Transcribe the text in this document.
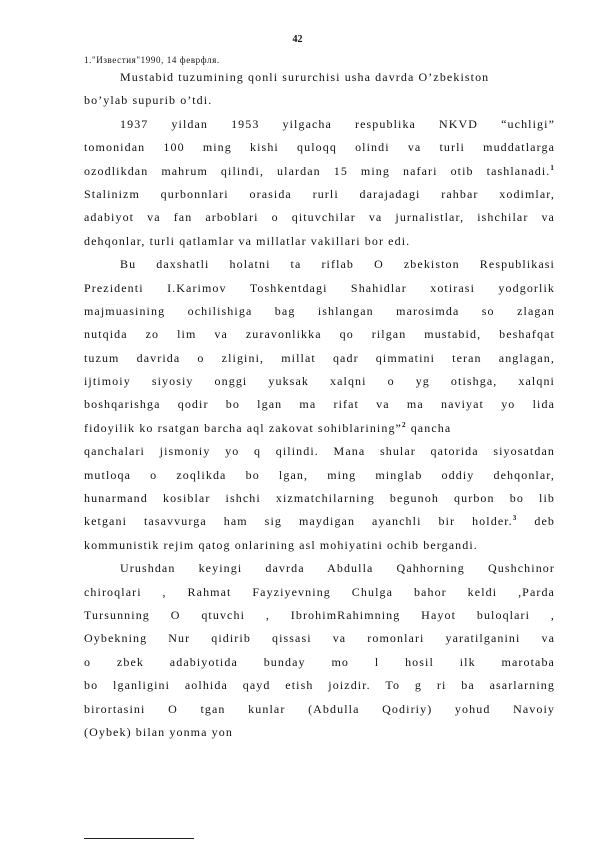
42
1."Известия"1990, 14 феврфля.
Mustabid tuzumining qonli sururchisi usha davrda O’zbekiston
bo’ylab supurib o’tdi.
1937 yildan 1953 yilgacha respublika NKVD “uchligi”
tomonidan 100 ming kishi quloqq olindi va turli muddatlarga
ozodlikdan mahrum qilindi, ulardan 15 ming nafari otib tashlanadi.$^1$
Stalinizm qurbonnlari orasida rurli darajadagi rahbar xodimlar,
adabiyot va fan arboblari o qituvchilar va jurnalistlar, ishchilar va
dehqonlar, turli qatlamlar va millatlar vakillari bor edi.
Bu daxshatli holatni ta riflab O zbekiston Respublikasi
Prezidenti I.Karimov Toshkentdagi Shahidlar xotirasi yodgorlik
majmuasining ochilishiga bag ishlangan marosimda so zlagan
nutqida zo lim va zuravonlikka qo rilgan mustabid, beshafqat
tuzum davrida o zligini, millat qadr qimmatini teran anglagan,
ijtimoiy siyosiy onggi yuksak xalqni o yg otishga, xalqni
boshqarishga qodir bo lgan ma rifat va ma naviyat yo lida
fidoyilik ko rsatgan barcha aql zakovat sohiblarining”$^2$ qancha
qanchalari jismoniy yo q qilindi. Mana shular qatorida siyosatdan
mutloqa o zoqlikda bo lgan, ming minglab oddiy dehqonlar,
hunarmand kosiblar ishchi xizmatchilarning begunoh qurbon bo lib
ketgani tasavvurga ham sig maydigan ayanchli bir holder.$^3$ deb
kommunistik rejim qatog onlarining asl mohiyatini ochib bergandi.
Urushdan keyingi davrda Abdulla Qahhorning Qushchinor
chiroqlari , Rahmat Fayziyevning Chulga bahor keldi ,Parda
Tursunning O qtuvchi , IbrohimRahimning Hayot buloqlari ,
Oybekning Nur qidirib qissasi va romonlari yaratilganini va
o zbek adabiyotida bunday mo l hosil ilk marotaba
bo lganligini aolhida qayd etish joizdir. To g ri ba asarlarning
birortasini O tgan kunlar (Abdulla Qodiriy) yohud Navoiy
(Oybek) bilan yonma yon
